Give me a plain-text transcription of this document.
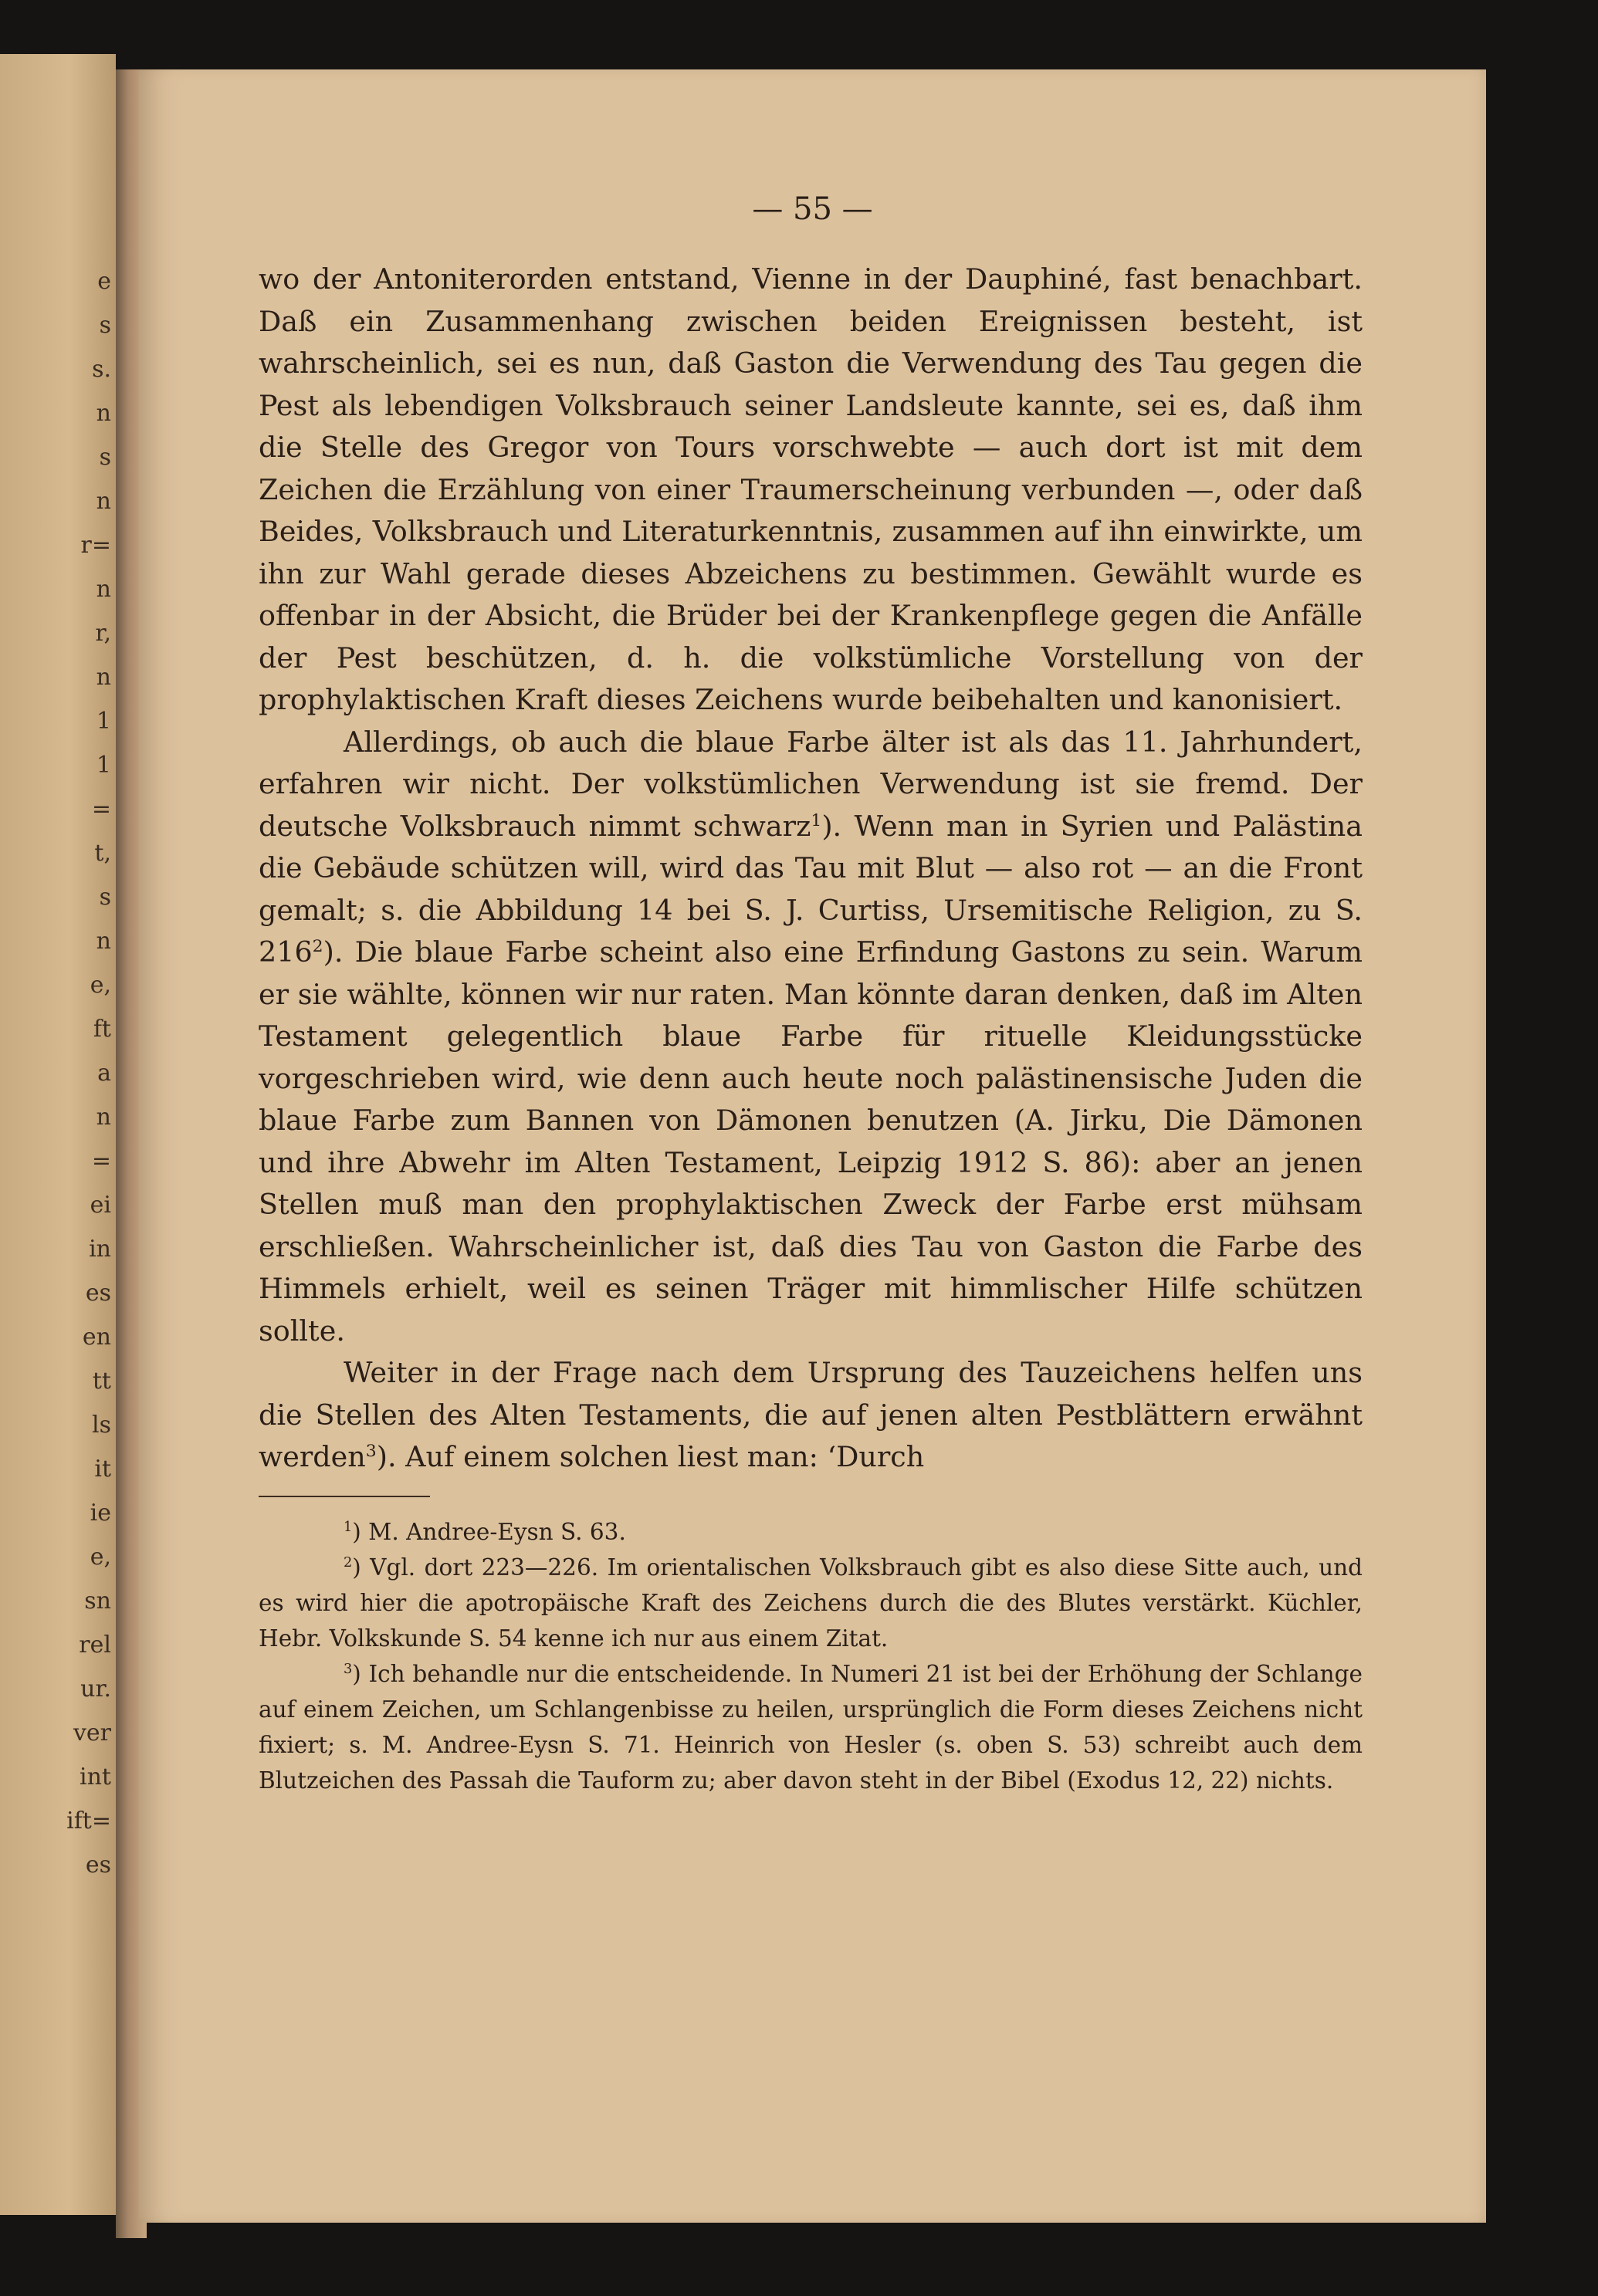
e
s
s.
n
s
n
r=
n
r,
n
1
1
=
t,
s
n
e,
ft
a
n
=
ei
in
es
en
tt
ls
it
ie
e,
sn
rel
ur.
ver
int
ift=
es
— 55 —

wo der Antoniterorden entstand, Vienne in der Dauphiné, fast benachbart. Daß ein Zusammenhang zwischen beiden Ereignissen besteht, ist wahrscheinlich, sei es nun, daß Gaston die Verwendung des Tau gegen die Pest als lebendigen Volksbrauch seiner Landsleute kannte, sei es, daß ihm die Stelle des Gregor von Tours vorschwebte — auch dort ist mit dem Zeichen die Erzählung von einer Traumerscheinung verbunden —, oder daß Beides, Volksbrauch und Literaturkenntnis, zusammen auf ihn einwirkte, um ihn zur Wahl gerade dieses Abzeichens zu bestimmen. Gewählt wurde es offenbar in der Absicht, die Brüder bei der Krankenpflege gegen die Anfälle der Pest beschützen, d. h. die volkstümliche Vorstellung von der prophylaktischen Kraft dieses Zeichens wurde beibehalten und kanonisiert.

Allerdings, ob auch die blaue Farbe älter ist als das 11. Jahrhundert, erfahren wir nicht. Der volkstümlichen Verwendung ist sie fremd. Der deutsche Volksbrauch nimmt schwarz$^1$). Wenn man in Syrien und Palästina die Gebäude schützen will, wird das Tau mit Blut — also rot — an die Front gemalt; s. die Abbildung 14 bei S. J. Curtiss, Ursemitische Religion, zu S. $216^2$). Die blaue Farbe scheint also eine Erfindung Gastons zu sein. Warum er sie wählte, können wir nur raten. Man könnte daran denken, daß im Alten Testament gelegentlich blaue Farbe für rituelle Kleidungsstücke vorgeschrieben wird, wie denn auch heute noch palästinensische Juden die blaue Farbe zum Bannen von Dämonen benutzen (A. Jirku, Die Dämonen und ihre Abwehr im Alten Testament, Leipzig 1912 S. 86): aber an jenen Stellen muß man den prophylaktischen Zweck der Farbe erst mühsam erschließen. Wahrscheinlicher ist, daß dies Tau von Gaston die Farbe des Himmels erhielt, weil es seinen Träger mit himmlischer Hilfe schützen sollte.

Weiter in der Frage nach dem Ursprung des Tauzeichens helfen uns die Stellen des Alten Testaments, die auf jenen alten Pestblättern erwähnt werden$^3$). Auf einem solchen liest man: ‘Durch

$^1$) M. Andree-Eysn S. 63.

$^2$) Vgl. dort 223—226. Im orientalischen Volksbrauch gibt es also diese Sitte auch, und es wird hier die apotropäische Kraft des Zeichens durch die des Blutes verstärkt. Küchler, Hebr. Volkskunde S. 54 kenne ich nur aus einem Zitat.

$^3$) Ich behandle nur die entscheidende. In Numeri 21 ist bei der Erhöhung der Schlange auf einem Zeichen, um Schlangenbisse zu heilen, ursprünglich die Form dieses Zeichens nicht fixiert; s. M. Andree-Eysn S. 71. Heinrich von Hesler (s. oben S. 53) schreibt auch dem Blutzeichen des Passah die Tauform zu; aber davon steht in der Bibel (Exodus 12, 22) nichts.
